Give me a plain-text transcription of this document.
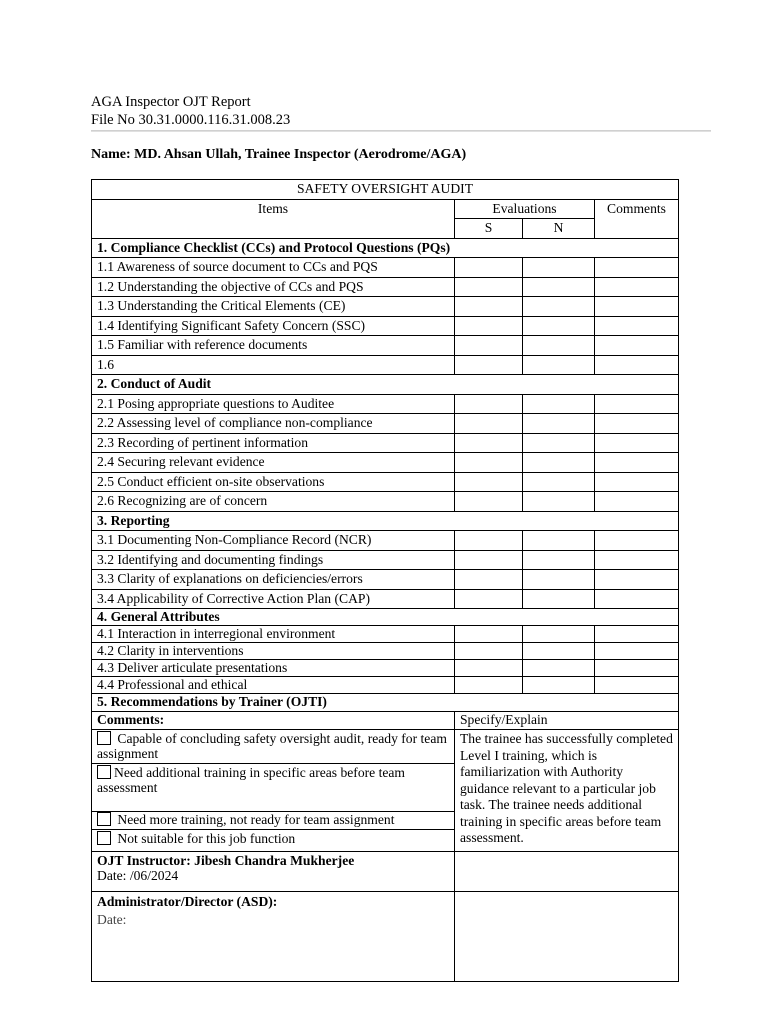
AGA Inspector OJT Report
File No 30.31.0000.116.31.008.23
Name: MD. Ahsan Ullah, Trainee Inspector (Aerodrome/AGA)
SAFETY OVERSIGHT AUDIT			
Items	Evaluations		Comments
	S	N	
1. Compliance Checklist (CCs) and Protocol Questions (PQs)			
1.1 Awareness of source document to CCs and PQS			
1.2 Understanding the objective of CCs and PQS			
1.3 Understanding the Critical Elements (CE)			
1.4 Identifying Significant Safety Concern (SSC)			
1.5 Familiar with reference documents			
1.6			
2. Conduct of Audit			
2.1 Posing appropriate questions to Auditee			
2.2 Assessing level of compliance non-compliance			
2.3 Recording of pertinent information			
2.4 Securing relevant evidence			
2.5 Conduct efficient on-site observations			
2.6 Recognizing are of concern			
3. Reporting			
3.1 Documenting Non-Compliance Record (NCR)			
3.2 Identifying and documenting findings			
3.3 Clarity of explanations on deficiencies/errors			
3.4 Applicability of Corrective Action Plan (CAP)			
4. General Attributes			
4.1 Interaction in interregional environment			
4.2 Clarity in interventions			
4.3 Deliver articulate presentations			
4.4 Professional and ethical			
5. Recommendations by Trainer (OJTI)			
Comments:	Specify/Explain		
Capable of concluding safety oversight audit, ready for team assignment	The trainee has successfully completed Level I training, which is familiarization with Authority guidance relevant to a particular job task. The trainee needs additional training in specific areas before team assessment.		
Need additional training in specific areas before team assessment			
Need more training, not ready for team assignment			
Not suitable for this job function			

OJT Instructor: Jibesh Chandra Mukherjee
Date: /06/2024			

Administrator/Director (ASD):
Date:			
